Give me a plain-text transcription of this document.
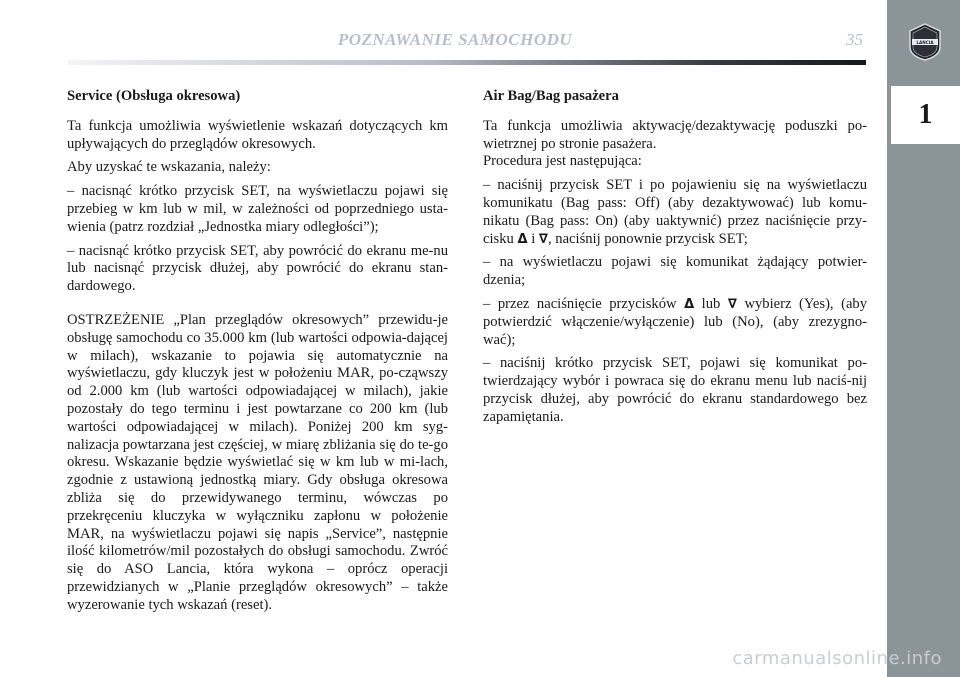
POZNAWANIE SAMOCHODU	35	LANCIA
1
Service (Obsługa okresowa)

Ta funkcja umożliwia wyświetlenie wskazań dotyczących km upływających do przeglądów okresowych.

Aby uzyskać te wskazania, należy:

– nacisnąć krótko przycisk SET, na wyświetlaczu pojawi się przebieg w km lub w mil, w zależności od poprzedniego usta-wienia (patrz rozdział „Jednostka miary odległości”);

– nacisnąć krótko przycisk SET, aby powrócić do ekranu me-nu lub nacisnąć przycisk dłużej, aby powrócić do ekranu stan-dardowego.

OSTRZEŻENIE „Plan przeglądów okresowych” przewidu-je obsługę samochodu co 35.000 km (lub wartości odpowia-dającej w milach), wskazanie to pojawia się automatycznie na wyświetlaczu, gdy kluczyk jest w położeniu MAR, po-cząwszy od 2.000 km (lub wartości odpowiadającej w milach), jakie pozostały do tego terminu i jest powtarzane co 200 km (lub wartości odpowiadającej w milach). Poniżej 200 km syg-nalizacja powtarzana jest częściej, w miarę zbliżania się do te-go okresu. Wskazanie będzie wyświetlać się w km lub w mi-lach, zgodnie z ustawioną jednostką miary. Gdy obsługa okresowa zbliża się do przewidywanego terminu, wówczas po przekręceniu kluczyka w wyłączniku zapłonu w położenie MAR, na wyświetlaczu pojawi się napis „Service”, następnie ilość kilometrów/mil pozostałych do obsługi samochodu. Zwróć się do ASO Lancia, która wykona – oprócz operacji przewidzianych w „Planie przeglądów okresowych” – także wyzerowanie tych wskazań (reset).

Air Bag/Bag pasażera

Ta funkcja umożliwia aktywację/dezaktywację poduszki po-wietrznej po stronie pasażera.

Procedura jest następująca:

– naciśnij przycisk SET i po pojawieniu się na wyświetlaczu komunikatu (Bag pass: Off) (aby dezaktywować) lub komu-nikatu (Bag pass: On) (aby uaktywnić) przez naciśnięcie przy-cisku Δ i ∇, naciśnij ponownie przycisk SET;

– na wyświetlaczu pojawi się komunikat żądający potwier-dzenia;

– przez naciśnięcie przycisków Δ lub ∇ wybierz (Yes), (aby potwierdzić włączenie/wyłączenie) lub (No), (aby zrezygno-wać);

– naciśnij krótko przycisk SET, pojawi się komunikat po-twierdzający wybór i powraca się do ekranu menu lub naciś-nij przycisk dłużej, aby powrócić do ekranu standardowego bez zapamiętania.

carmanualsonline.info
